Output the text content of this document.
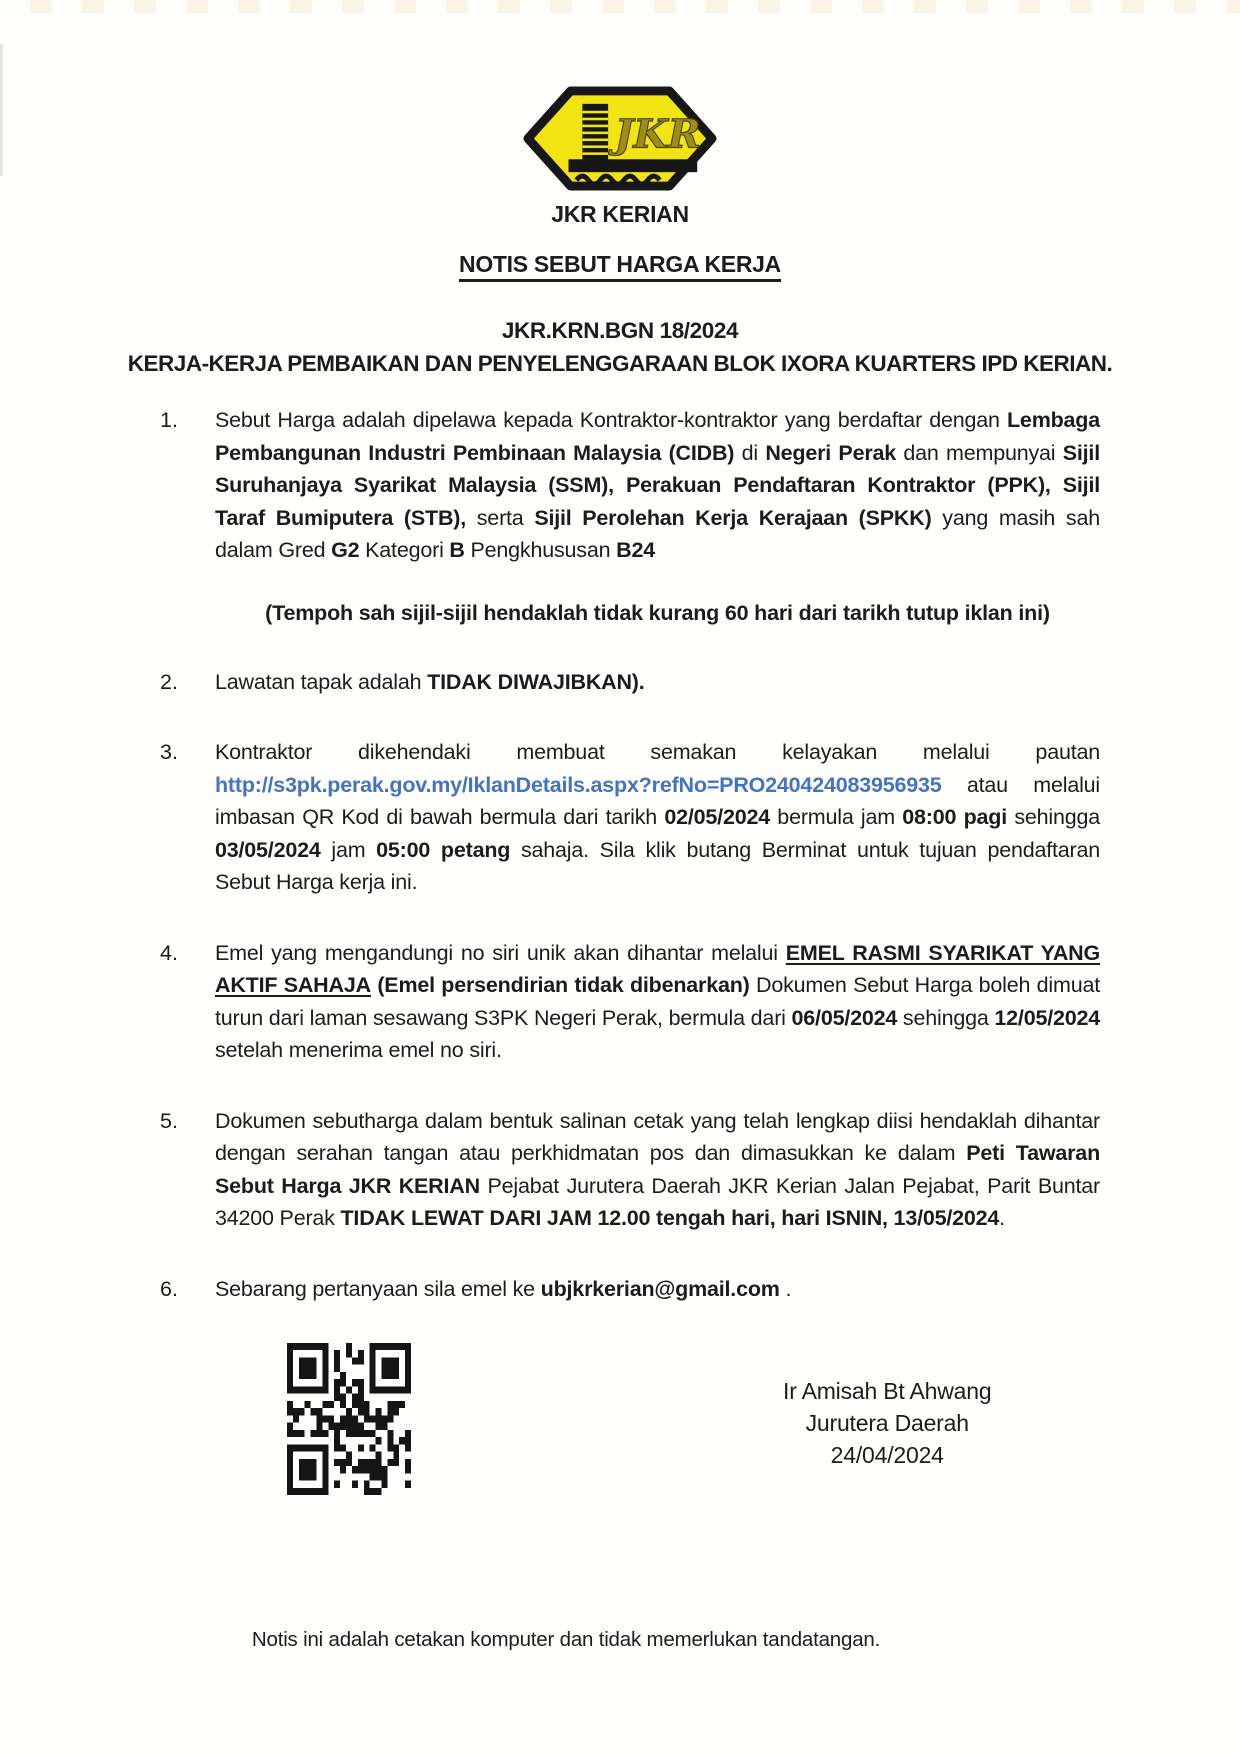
JKR
JKR KERIAN

NOTIS SEBUT HARGA KERJA
JKR.KRN.BGN 18/2024
KERJA-KERJA PEMBAIKAN DAN PENYELENGGARAAN BLOK IXORA KUARTERS IPD KERIAN.
1.	Sebut Harga adalah dipelawa kepada Kontraktor-kontraktor yang berdaftar dengan Lembaga Pembangunan Industri Pembinaan Malaysia (CIDB) di Negeri Perak dan mempunyai Sijil Suruhanjaya Syarikat Malaysia (SSM), Perakuan Pendaftaran Kontraktor (PPK), Sijil Taraf Bumiputera (STB), serta Sijil Perolehan Kerja Kerajaan (SPKK) yang masih sah dalam Gred G2 Kategori B Pengkhususan B24
(Tempoh sah sijil-sijil hendaklah tidak kurang 60 hari dari tarikh tutup iklan ini)
2.	Lawatan tapak adalah TIDAK DIWAJIBKAN).
3.	Kontraktor dikehendaki membuat semakan kelayakan melalui pautan http://s3pk.perak.gov.my/IklanDetails.aspx?refNo=PRO240424083956935 atau melalui imbasan QR Kod di bawah bermula dari tarikh 02/05/2024 bermula jam 08:00 pagi sehingga 03/05/2024 jam 05:00 petang sahaja. Sila klik butang Berminat untuk tujuan pendaftaran Sebut Harga kerja ini.
4.	Emel yang mengandungi no siri unik akan dihantar melalui EMEL RASMI SYARIKAT YANG AKTIF SAHAJA (Emel persendirian tidak dibenarkan) Dokumen Sebut Harga boleh dimuat turun dari laman sesawang S3PK Negeri Perak, bermula dari 06/05/2024 sehingga 12/05/2024 setelah menerima emel no siri.
5.	Dokumen sebutharga dalam bentuk salinan cetak yang telah lengkap diisi hendaklah dihantar dengan serahan tangan atau perkhidmatan pos dan dimasukkan ke dalam Peti Tawaran Sebut Harga JKR KERIAN Pejabat Jurutera Daerah JKR Kerian Jalan Pejabat, Parit Buntar 34200 Perak TIDAK LEWAT DARI JAM 12.00 tengah hari, hari ISNIN, 13/05/2024.
6.	Sebarang pertanyaan sila emel ke ubjkrkerian@gmail.com .
Ir Amisah Bt Ahwang
Jurutera Daerah
24/04/2024
Notis ini adalah cetakan komputer dan tidak memerlukan tandatangan.
